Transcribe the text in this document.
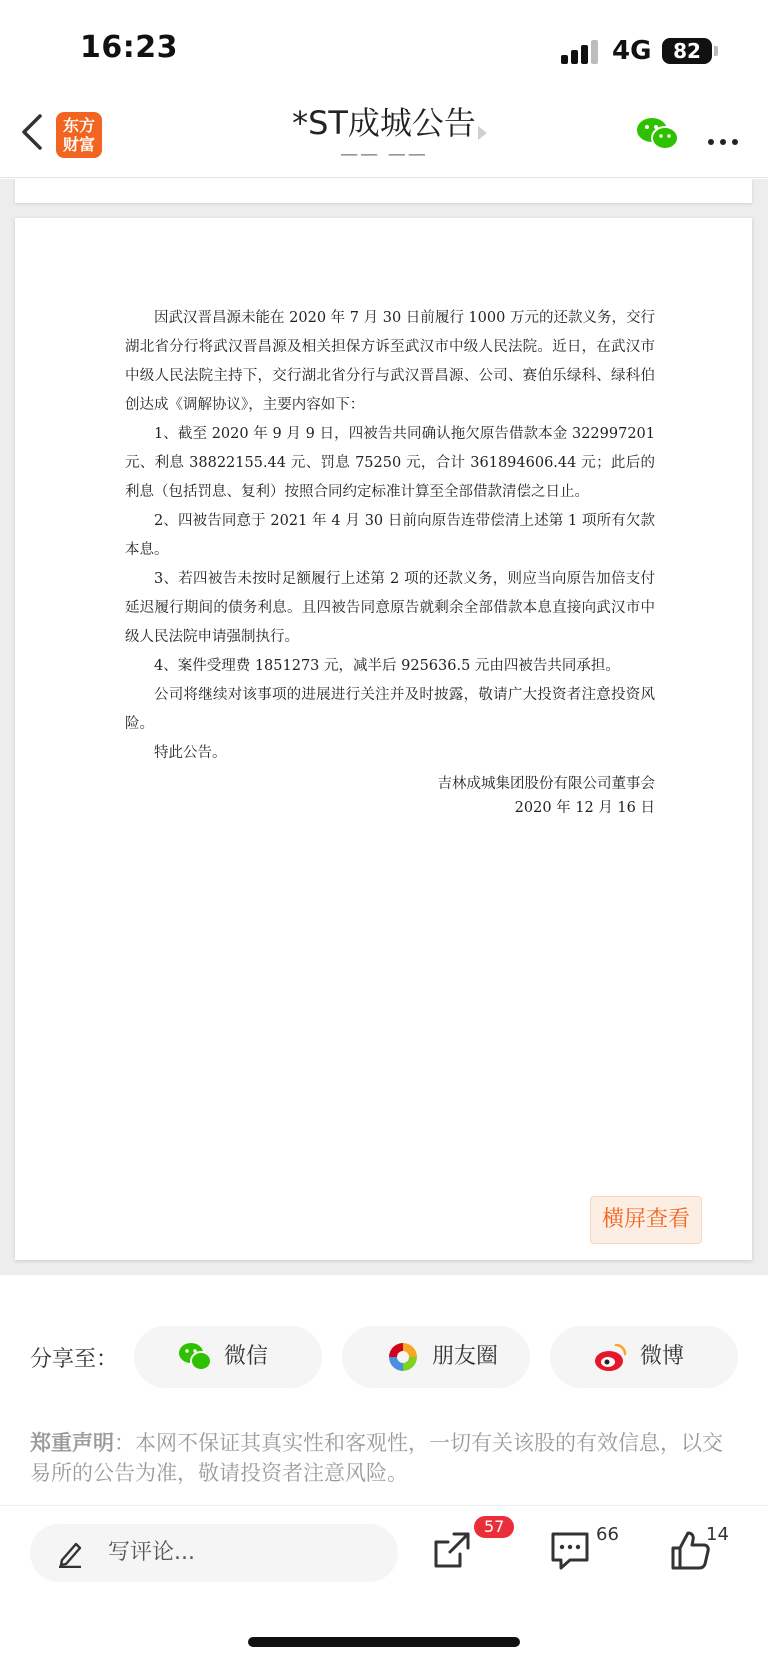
16:23	4G	82
东方
财富
*ST成城公告
—— ——

因武汉晋昌源未能在 2020 年 7 月 30 日前履行 1000 万元的还款义务，交行湖北省分行将武汉晋昌源及相关担保方诉至武汉市中级人民法院。近日，在武汉市中级人民法院主持下，交行湖北省分行与武汉晋昌源、公司、赛伯乐绿科、绿科伯创达成《调解协议》，主要内容如下：

1、截至 2020 年 9 月 9 日，四被告共同确认拖欠原告借款本金 322997201 元、利息 38822155.44 元、罚息 75250 元，合计 361894606.44 元；此后的利息（包括罚息、复利）按照合同约定标准计算至全部借款清偿之日止。

2、四被告同意于 2021 年 4 月 30 日前向原告连带偿清上述第 1 项所有欠款本息。

3、若四被告未按时足额履行上述第 2 项的还款义务，则应当向原告加倍支付延迟履行期间的债务利息。且四被告同意原告就剩余全部借款本息直接向武汉市中级人民法院申请强制执行。

4、案件受理费 1851273 元，减半后 925636.5 元由四被告共同承担。

公司将继续对该事项的进展进行关注并及时披露，敬请广大投资者注意投资风险。

特此公告。

吉林成城集团股份有限公司董事会
2020 年 12 月 16 日
横屏查看
分享至：	微信	朋友圈	微博
郑重声明：本网不保证其真实性和客观性，一切有关该股的有效信息，以交易所的公告为准，敬请投资者注意风险。
写评论...
57	66	14
